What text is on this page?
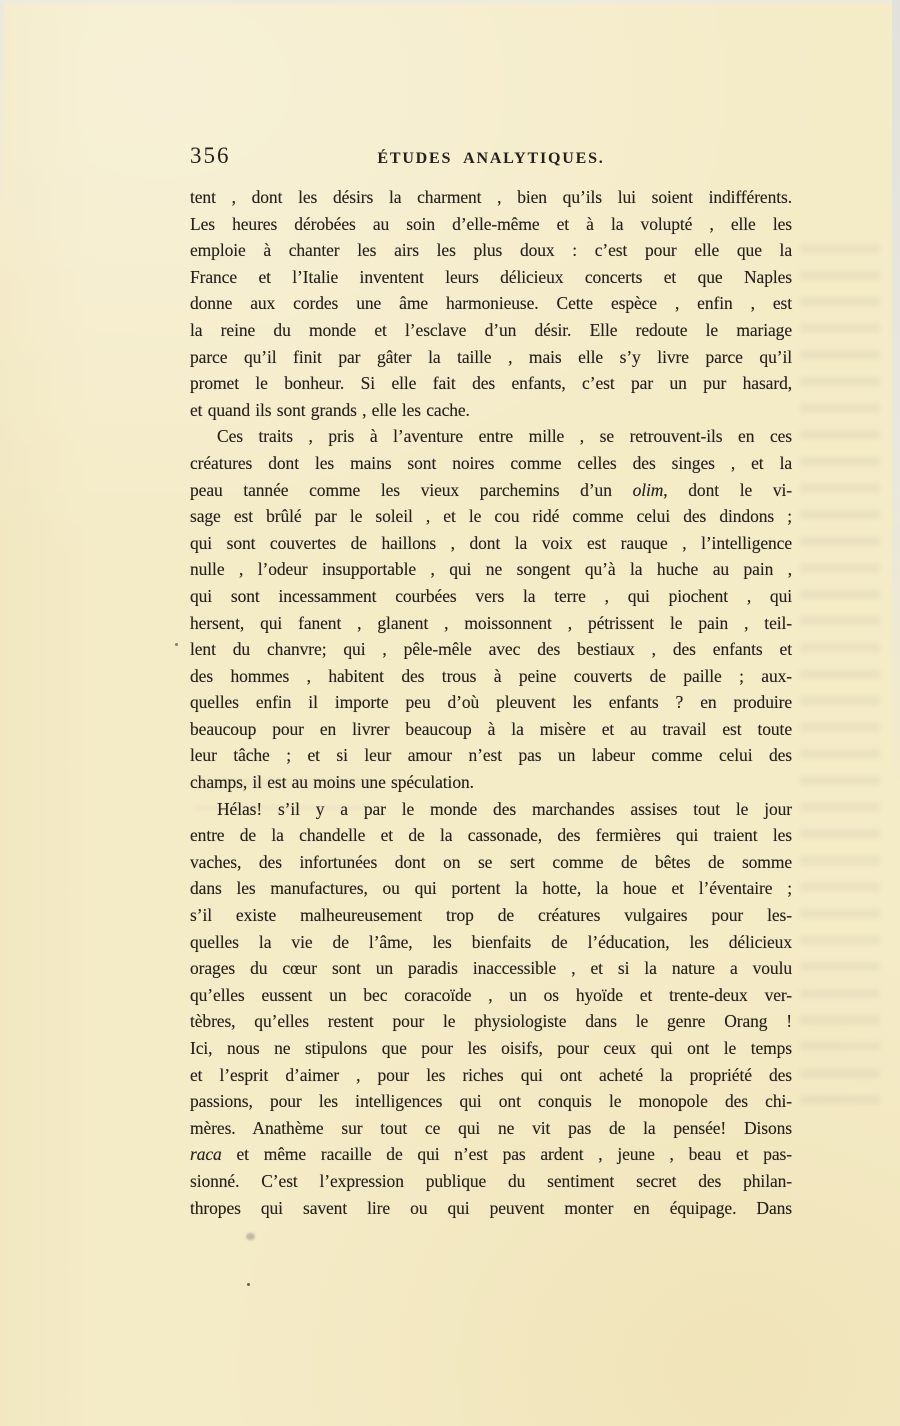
356	ÉTUDES ANALYTIQUES.
tent , dont les désirs la charment , bien qu’ils lui soient indifférents.
Les heures dérobées au soin d’elle-même et à la volupté , elle les
emploie à chanter les airs les plus doux : c’est pour elle que la
France et l’Italie inventent leurs délicieux concerts et que Naples
donne aux cordes une âme harmonieuse. Cette espèce , enfin , est
la reine du monde et l’esclave d’un désir. Elle redoute le mariage
parce qu’il finit par gâter la taille , mais elle s’y livre parce qu’il
promet le bonheur. Si elle fait des enfants, c’est par un pur hasard,
et quand ils sont grands , elle les cache.
Ces traits , pris à l’aventure entre mille , se retrouvent-ils en ces
créatures dont les mains sont noires comme celles des singes , et la
peau tannée comme les vieux parchemins d’un olim, dont le vi-
sage est brûlé par le soleil , et le cou ridé comme celui des dindons ;
qui sont couvertes de haillons , dont la voix est rauque , l’intelligence
nulle , l’odeur insupportable , qui ne songent qu’à la huche au pain ,
qui sont incessamment courbées vers la terre , qui piochent , qui
hersent, qui fanent , glanent , moissonnent , pétrissent le pain , teil-
lent du chanvre; qui , pêle-mêle avec des bestiaux , des enfants et
des hommes , habitent des trous à peine couverts de paille ; aux-
quelles enfin il importe peu d’où pleuvent les enfants ? en produire
beaucoup pour en livrer beaucoup à la misère et au travail est toute
leur tâche ; et si leur amour n’est pas un labeur comme celui des
champs, il est au moins une spéculation.
Hélas! s’il y a par le monde des marchandes assises tout le jour
entre de la chandelle et de la cassonade, des fermières qui traient les
vaches, des infortunées dont on se sert comme de bêtes de somme
dans les manufactures, ou qui portent la hotte, la houe et l’éventaire ;
s’il existe malheureusement trop de créatures vulgaires pour les-
quelles la vie de l’âme, les bienfaits de l’éducation, les délicieux
orages du cœur sont un paradis inaccessible , et si la nature a voulu
qu’elles eussent un bec coracoïde , un os hyoïde et trente-deux ver-
tèbres, qu’elles restent pour le physiologiste dans le genre Orang !
Ici, nous ne stipulons que pour les oisifs, pour ceux qui ont le temps
et l’esprit d’aimer , pour les riches qui ont acheté la propriété des
passions, pour les intelligences qui ont conquis le monopole des chi-
mères. Anathème sur tout ce qui ne vit pas de la pensée! Disons
raca et même racaille de qui n’est pas ardent , jeune , beau et pas-
sionné. C’est l’expression publique du sentiment secret des philan-
thropes qui savent lire ou qui peuvent monter en équipage. Dans
